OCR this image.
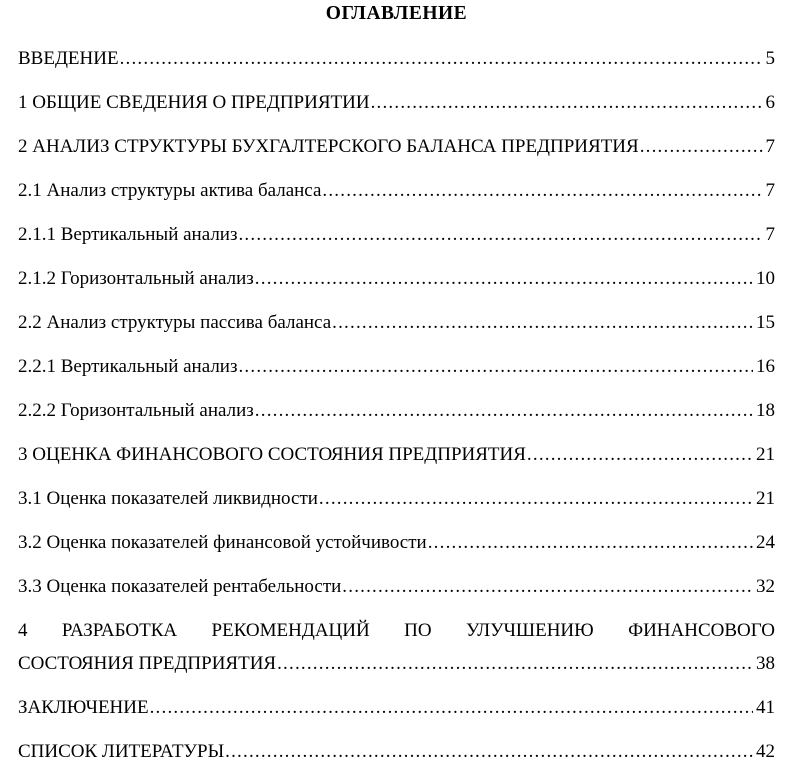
ОГЛАВЛЕНИЕ
ВВЕДЕНИЕ .....	5
1 ОБЩИЕ СВЕДЕНИЯ О ПРЕДПРИЯТИИ .....	6
2 АНАЛИЗ СТРУКТУРЫ БУХГАЛТЕРСКОГО БАЛАНСА ПРЕДПРИЯТИЯ .....	7
2.1 Анализ структуры актива баланса .....	7
2.1.1 Вертикальный анализ .....	7
2.1.2 Горизонтальный анализ .....	10
2.2 Анализ структуры пассива баланса .....	15
2.2.1 Вертикальный анализ .....	16
2.2.2 Горизонтальный анализ .....	18
3 ОЦЕНКА ФИНАНСОВОГО СОСТОЯНИЯ ПРЕДПРИЯТИЯ .....	21
3.1 Оценка показателей ликвидности .....	21
3.2 Оценка показателей финансовой устойчивости .....	24
3.3 Оценка показателей рентабельности .....	32
4 РАЗРАБОТКА РЕКОМЕНДАЦИЙ ПО УЛУЧШЕНИЮ ФИНАНСОВОГО
СОСТОЯНИЯ ПРЕДПРИЯТИЯ .....	38
ЗАКЛЮЧЕНИЕ .....	41
СПИСОК ЛИТЕРАТУРЫ .....	42
